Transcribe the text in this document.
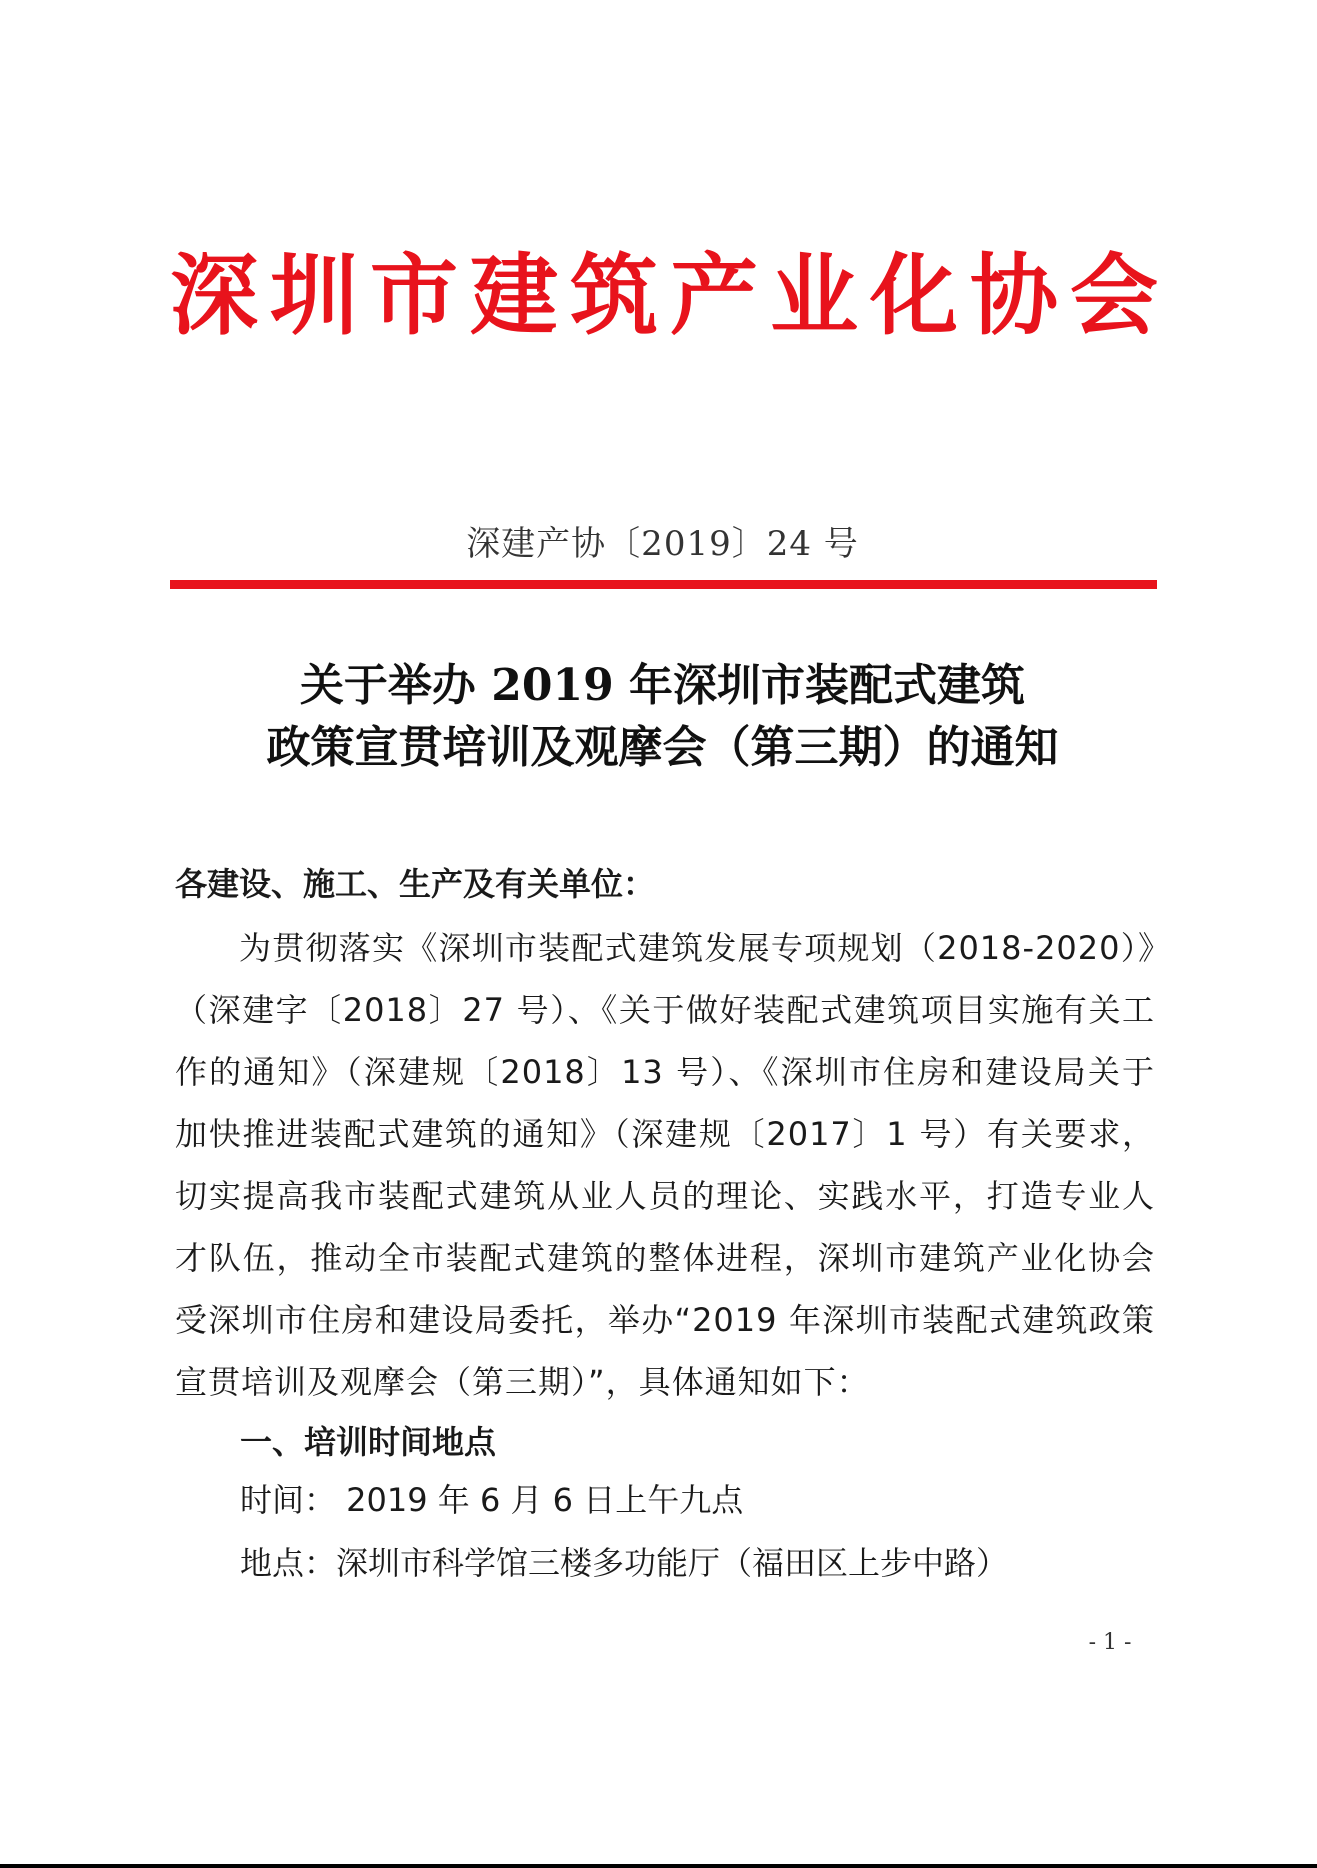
深圳市建筑产业化协会
深建产协〔2019〕24 号
关于举办 2019 年深圳市装配式建筑
政策宣贯培训及观摩会（第三期）的通知
各建设、施工、生产及有关单位：
为贯彻落实《深圳市装配式建筑发展专项规划（2018-2020）》（深建字〔2018〕27 号）、《关于做好装配式建筑项目实施有关工作的通知》（深建规〔2018〕13 号）、《深圳市住房和建设局关于加快推进装配式建筑的通知》（深建规〔2017〕1 号）有关要求，切实提高我市装配式建筑从业人员的理论、实践水平，打造专业人才队伍，推动全市装配式建筑的整体进程，深圳市建筑产业化协会受深圳市住房和建设局委托，举办“2019 年深圳市装配式建筑政策宣贯培训及观摩会（第三期）”，具体通知如下：
一、培训时间地点
时间： 2019 年 6 月 6 日上午九点
地点：深圳市科学馆三楼多功能厅（福田区上步中路）
- 1 -
